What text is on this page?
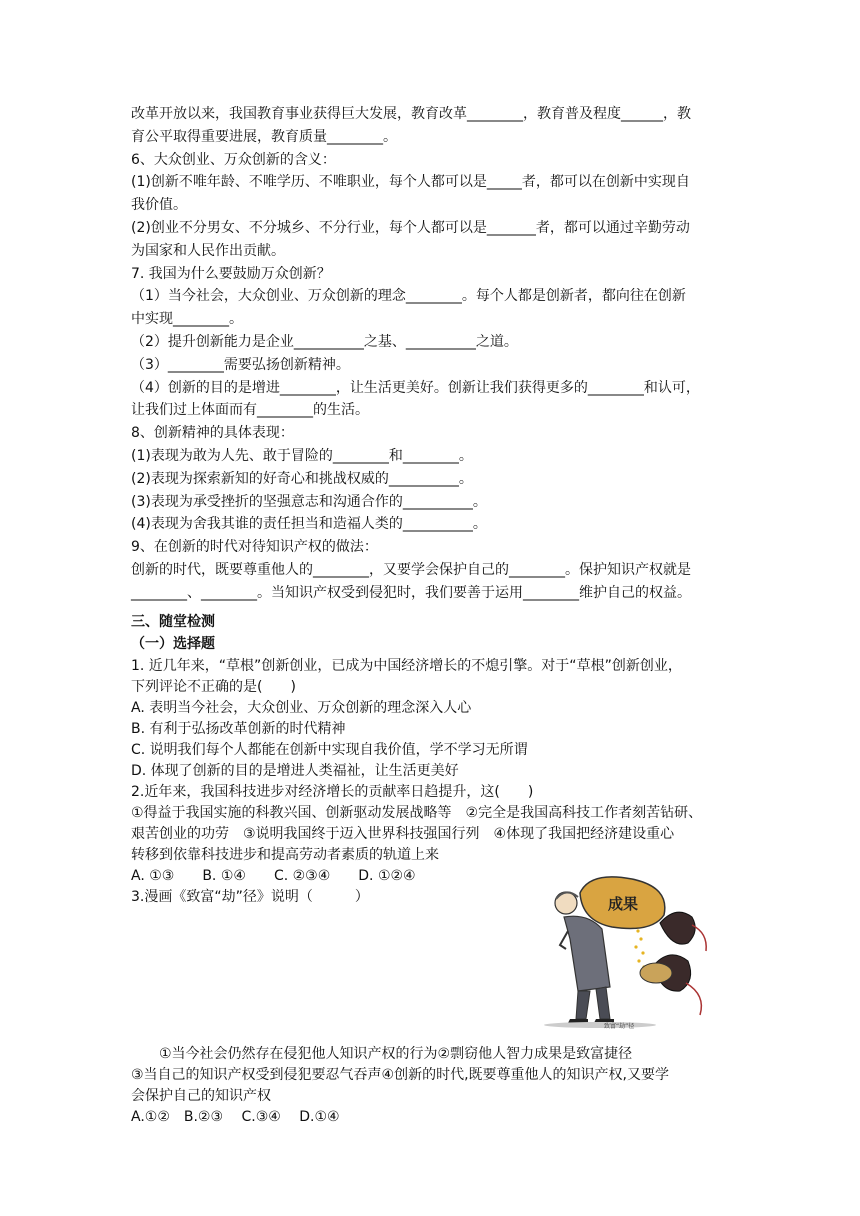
改革开放以来，我国教育事业获得巨大发展，教育改革________，教育普及程度______，教
育公平取得重要进展，教育质量________。
6、大众创业、万众创新的含义：
(1)创新不唯年龄、不唯学历、不唯职业，每个人都可以是_____者，都可以在创新中实现自
我价值。
(2)创业不分男女、不分城乡、不分行业，每个人都可以是_______者，都可以通过辛勤劳动
为国家和人民作出贡献。
7. 我国为什么要鼓励万众创新？
（1）当今社会，大众创业、万众创新的理念________。每个人都是创新者，都向往在创新
中实现________。
（2）提升创新能力是企业__________之基、__________之道。
（3）________需要弘扬创新精神。
（4）创新的目的是增进________，让生活更美好。创新让我们获得更多的________和认可，
让我们过上体面而有________的生活。
8、创新精神的具体表现：
(1)表现为敢为人先、敢于冒险的________和________。
(2)表现为探索新知的好奇心和挑战权威的__________。
(3)表现为承受挫折的坚强意志和沟通合作的__________。
(4)表现为舍我其谁的责任担当和造福人类的__________。
9、在创新的时代对待知识产权的做法：
创新的时代，既要尊重他人的________，又要学会保护自己的________。保护知识产权就是
________、________。当知识产权受到侵犯时，我们要善于运用________维护自己的权益。
三、随堂检测
（一）选择题
1. 近几年来，“草根”创新创业，已成为中国经济增长的不熄引擎。对于“草根”创新创业，
下列评论不正确的是(　　)
A. 表明当今社会，大众创业、万众创新的理念深入人心
B. 有利于弘扬改革创新的时代精神
C. 说明我们每个人都能在创新中实现自我价值，学不学习无所谓
D. 体现了创新的目的是增进人类福祉，让生活更美好
2.近年来，我国科技进步对经济增长的贡献率日趋提升，这(　　)
①得益于我国实施的科教兴国、创新驱动发展战略等　②完全是我国高科技工作者刻苦钻研、
艰苦创业的功劳　③说明我国终于迈入世界科技强国行列　④体现了我国把经济建设重心
转移到依靠科技进步和提高劳动者素质的轨道上来
A. ①③　　B. ①④　　C. ②③④　　D. ①②④
3.漫画《致富“劫”径》说明（　　　）
　　①当今社会仍然存在侵犯他人知识产权的行为②剽窃他人智力成果是致富捷径
③当自己的知识产权受到侵犯要忍气吞声④创新的时代,既要尊重他人的知识产权,又要学
会保护自己的知识产权
A.①②　B.②③　 C.③④　 D.①④
成果
致富“劫”径
